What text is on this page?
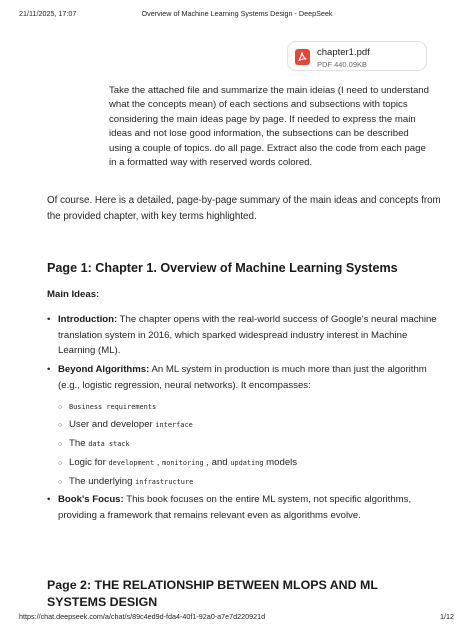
21/11/2025, 17:07	Overview of Machine Learning Systems Design - DeepSeek
chapter1.pdf
PDF 440.09KB
Take the attached file and summarize the main ideias (I need to understand what the concepts mean) of each sections and subsections with topics considering the main ideas page by page. If needed to express the main ideas and not lose good information, the subsections can be described using a couple of topics. do all page. Extract also the code from each page in a formatted way with reserved words colored.
Of course. Here is a detailed, page-by-page summary of the main ideas and concepts from the provided chapter, with key terms highlighted.
Page 1: Chapter 1. Overview of Machine Learning Systems
Main Ideas:
• Introduction: The chapter opens with the real-world success of Google's neural machine translation system in 2016, which sparked widespread industry interest in Machine Learning (ML).
• Beyond Algorithms: An ML system in production is much more than just the algorithm (e.g., logistic regression, neural networks). It encompasses:
○ Business requirements
○ User and developer interface
○ The data stack
○ Logic for development , monitoring , and updating models
○ The underlying infrastructure
• Book's Focus: This book focuses on the entire ML system, not specific algorithms, providing a framework that remains relevant even as algorithms evolve.
Page 2: THE RELATIONSHIP BETWEEN MLOPS AND ML SYSTEMS DESIGN
https://chat.deepseek.com/a/chat/s/89c4ed9d-fda4-40f1-92a0-a7e7d220921d	1/12
